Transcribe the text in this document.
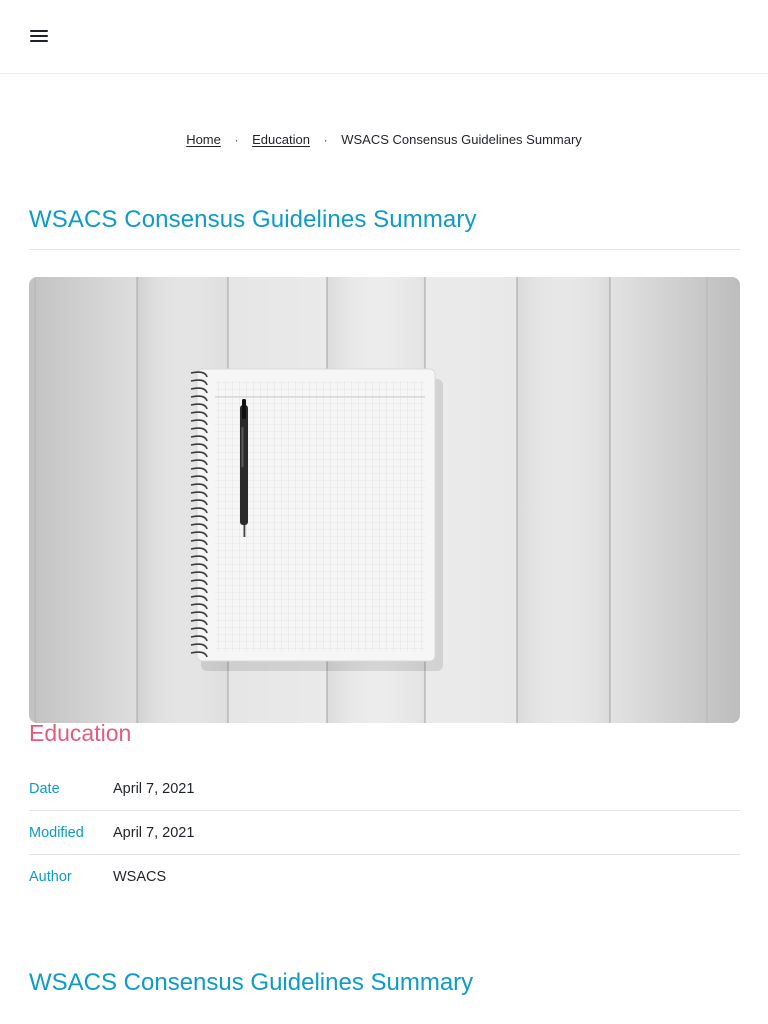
Home · Education · WSACS Consensus Guidelines Summary
WSACS Consensus Guidelines Summary
Education
Date	April 7, 2021
Modified	April 7, 2021
Author	WSACS
WSACS Consensus Guidelines Summary
